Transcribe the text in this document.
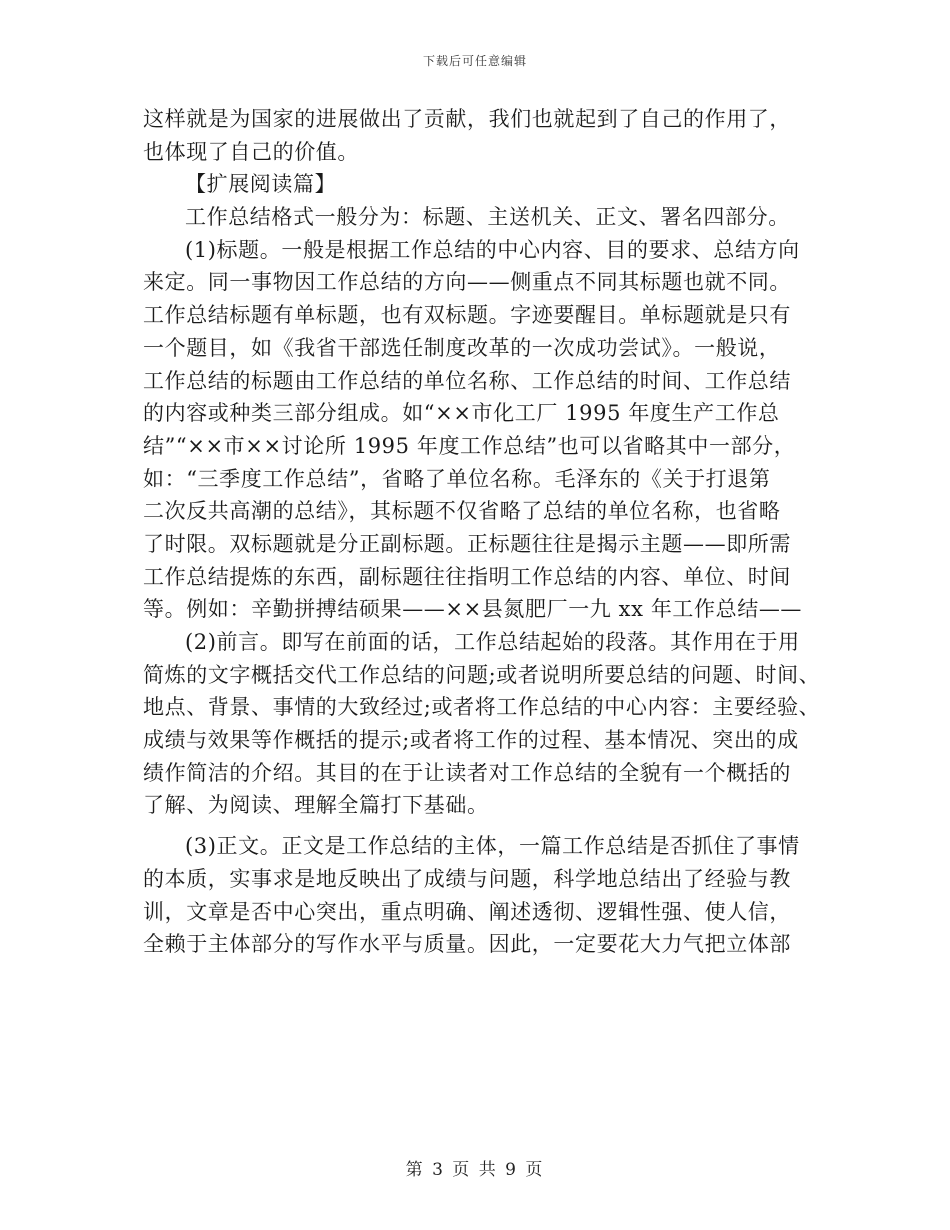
下载后可任意编辑
这样就是为国家的进展做出了贡献，我们也就起到了自己的作用了，
也体现了自己的价值。
【扩展阅读篇】
工作总结格式一般分为：标题、主送机关、正文、署名四部分。
(1)标题。一般是根据工作总结的中心内容、目的要求、总结方向
来定。同一事物因工作总结的方向——侧重点不同其标题也就不同。
工作总结标题有单标题，也有双标题。字迹要醒目。单标题就是只有
一个题目，如《我省干部选任制度改革的一次成功尝试》。一般说，
工作总结的标题由工作总结的单位名称、工作总结的时间、工作总结
的内容或种类三部分组成。如“××市化工厂 1995 年度生产工作总
结”“××市××讨论所 1995 年度工作总结”也可以省略其中一部分，
如：“三季度工作总结”，省略了单位名称。毛泽东的《关于打退第
二次反共高潮的总结》，其标题不仅省略了总结的单位名称，也省略
了时限。双标题就是分正副标题。正标题往往是揭示主题——即所需
工作总结提炼的东西，副标题往往指明工作总结的内容、单位、时间
等。例如：辛勤拼搏结硕果——××县氮肥厂一九 xx 年工作总结——
(2)前言。即写在前面的话，工作总结起始的段落。其作用在于用
简炼的文字概括交代工作总结的问题;或者说明所要总结的问题、时间、
地点、背景、事情的大致经过;或者将工作总结的中心内容：主要经验、
成绩与效果等作概括的提示;或者将工作的过程、基本情况、突出的成
绩作简洁的介绍。其目的在于让读者对工作总结的全貌有一个概括的
了解、为阅读、理解全篇打下基础。
(3)正文。正文是工作总结的主体，一篇工作总结是否抓住了事情
的本质，实事求是地反映出了成绩与问题，科学地总结出了经验与教
训，文章是否中心突出，重点明确、阐述透彻、逻辑性强、使人信，
全赖于主体部分的写作水平与质量。因此，一定要花大力气把立体部
第 3 页 共 9 页
